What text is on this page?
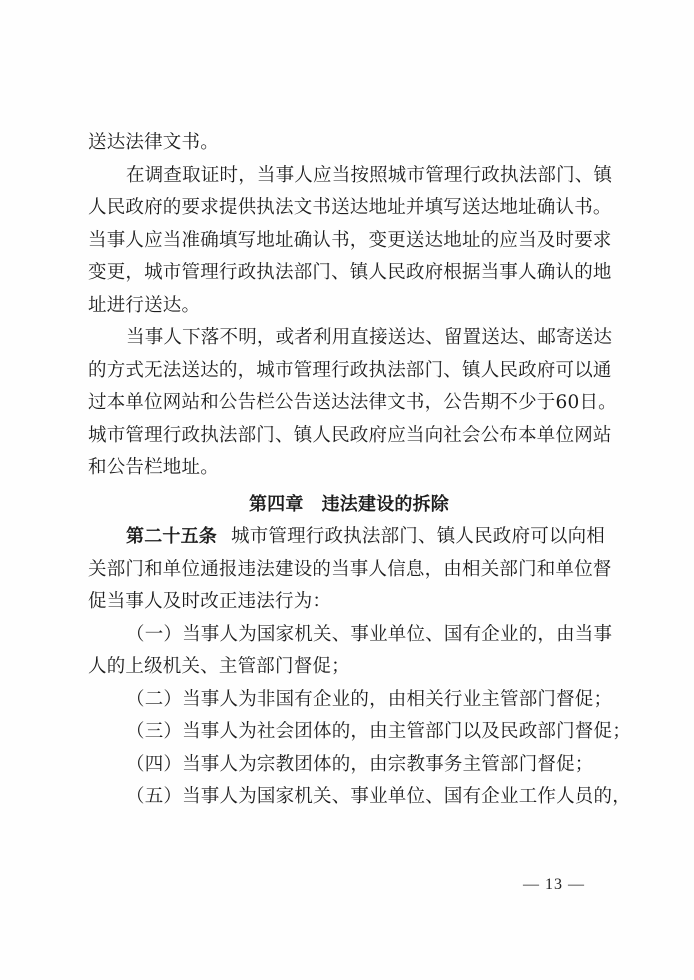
送达法律文书。
在调查取证时，当事人应当按照城市管理行政执法部门、镇
人民政府的要求提供执法文书送达地址并填写送达地址确认书。
当事人应当准确填写地址确认书，变更送达地址的应当及时要求
变更，城市管理行政执法部门、镇人民政府根据当事人确认的地
址进行送达。
当事人下落不明，或者利用直接送达、留置送达、邮寄送达
的方式无法送达的，城市管理行政执法部门、镇人民政府可以通
过本单位网站和公告栏公告送达法律文书，公告期不少于60日。
城市管理行政执法部门、镇人民政府应当向社会公布本单位网站
和公告栏地址。
第四章 违法建设的拆除
第二十五条 城市管理行政执法部门、镇人民政府可以向相
关部门和单位通报违法建设的当事人信息，由相关部门和单位督
促当事人及时改正违法行为：
（一）当事人为国家机关、事业单位、国有企业的，由当事
人的上级机关、主管部门督促；
（二）当事人为非国有企业的，由相关行业主管部门督促；
（三）当事人为社会团体的，由主管部门以及民政部门督促；
（四）当事人为宗教团体的，由宗教事务主管部门督促；
（五）当事人为国家机关、事业单位、国有企业工作人员的，
— 13 —
